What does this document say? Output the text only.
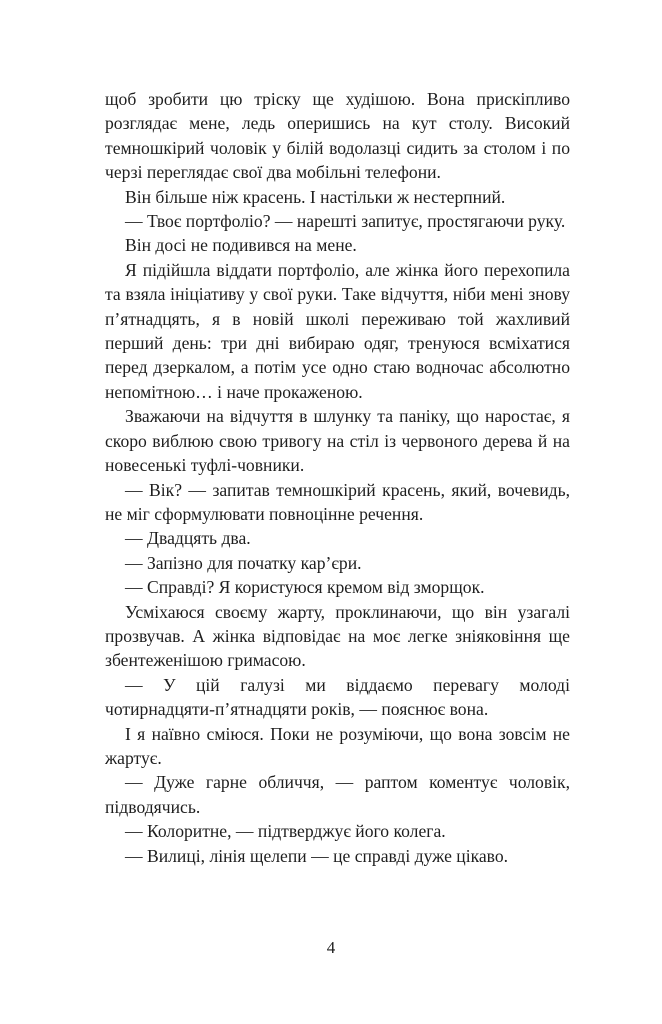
щоб зробити цю тріску ще худішою. Вона прискіпливо розглядає мене, ледь оперишись на кут столу. Високий темношкірий чоловік у білій водолазці сидить за столом і по черзі переглядає свої два мобільні телефони.

Він більше ніж красень. І настільки ж нестерпний.

— Твоє портфоліо? — нарешті запитує, простягаючи руку.

Він досі не подивився на мене.

Я підійшла віддати портфоліо, але жінка його перехопила та взяла ініціативу у свої руки. Таке відчуття, ніби мені знову п’ятнадцять, я в новій школі переживаю той жахливий перший день: три дні вибираю одяг, тренуюся всміхатися перед дзеркалом, а потім усе одно стаю водночас абсолютно непомітною… і наче прокаженою.

Зважаючи на відчуття в шлунку та паніку, що наростає, я скоро виблюю свою тривогу на стіл із червоного дерева й на новесенькі туфлі-човники.

— Вік? — запитав темношкірий красень, який, вочевидь, не міг сформулювати повноцінне речення.

— Двадцять два.

— Запізно для початку кар’єри.

— Справді? Я користуюся кремом від зморщок.

Усміхаюся своєму жарту, проклинаючи, що він узагалі прозвучав. А жінка відповідає на моє легке зніяковіння ще збентеженішою гримасою.

— У цій галузі ми віддаємо перевагу молоді чотирнадцяти-п’ятнадцяти років, — пояснює вона.

І я наївно сміюся. Поки не розуміючи, що вона зовсім не жартує.

— Дуже гарне обличчя, — раптом коментує чоловік, підводячись.

— Колоритне, — підтверджує його колега.

— Вилиці, лінія щелепи — це справді дуже цікаво.

4
